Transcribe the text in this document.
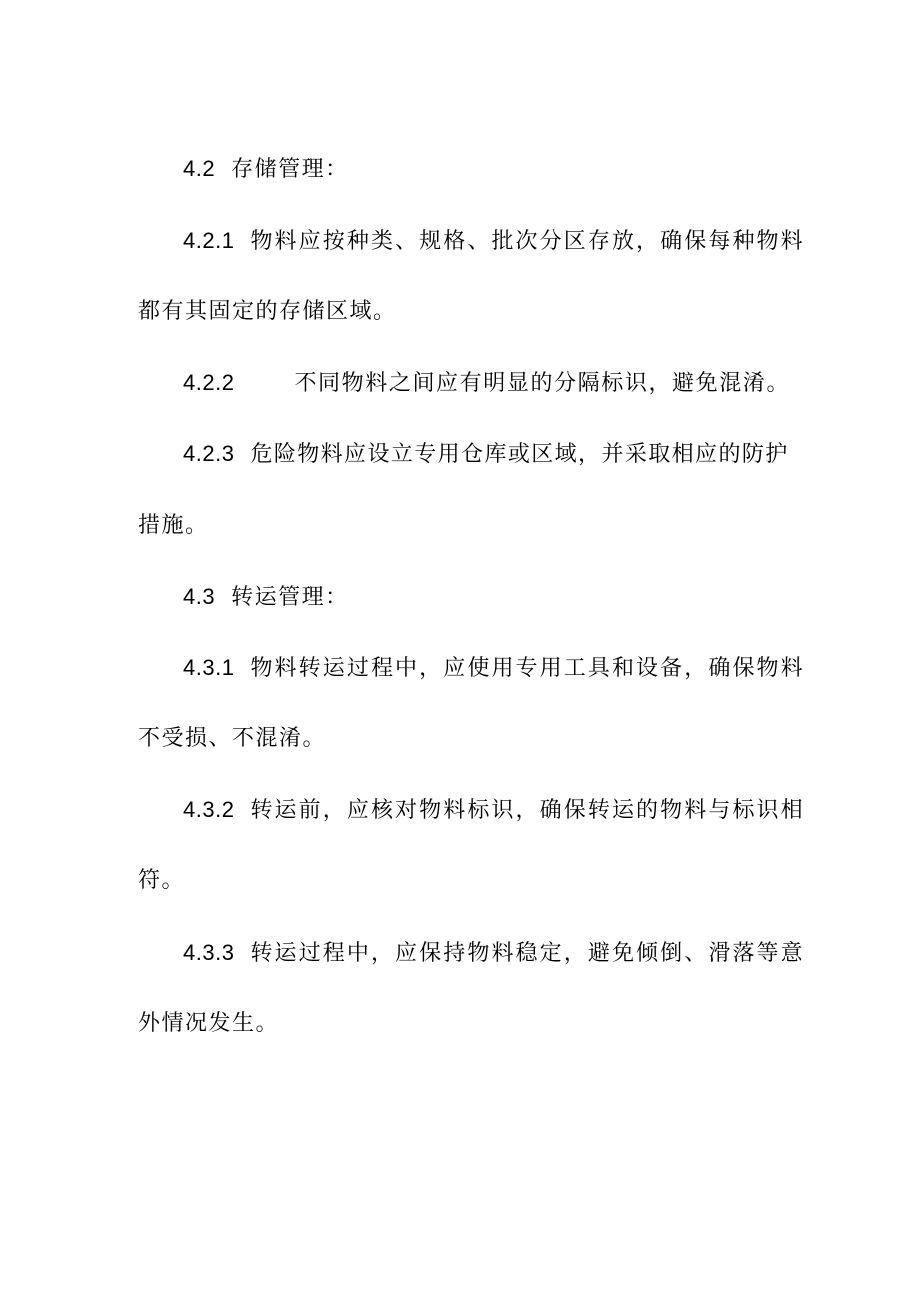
4.2 存储管理：
4.2.1 物料应按种类、规格、批次分区存放，确保每种物料
都有其固定的存储区域。
4.2.2	不同物料之间应有明显的分隔标识，避免混淆。
4.2.3 危险物料应设立专用仓库或区域，并采取相应的防护
措施。
4.3 转运管理：
4.3.1 物料转运过程中，应使用专用工具和设备，确保物料
不受损、不混淆。
4.3.2 转运前，应核对物料标识，确保转运的物料与标识相
符。
4.3.3 转运过程中，应保持物料稳定，避免倾倒、滑落等意
外情况发生。
